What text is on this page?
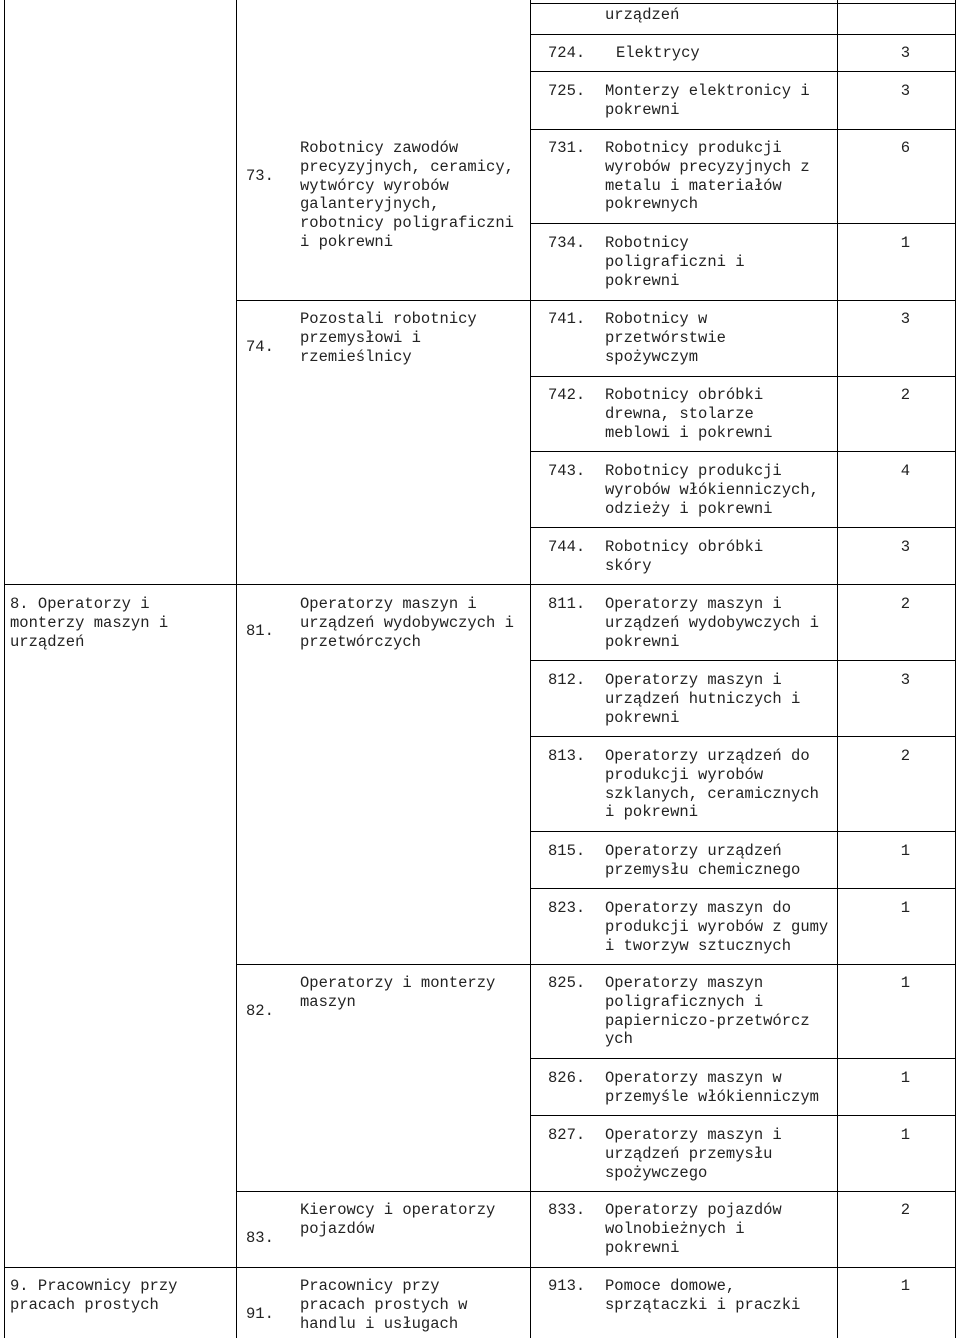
8. Operatorzy i
monterzy maszyn i
urządzeń
9. Pracownicy przy
pracach prostych
73.
Robotnicy zawodów
precyzyjnych, ceramicy,
wytwórcy wyrobów
galanteryjnych,
robotnicy poligraficzni
i pokrewni
74.
Pozostali robotnicy
przemysłowi i
rzemieślnicy
81.
Operatorzy maszyn i
urządzeń wydobywczych i
przetwórczych
82.
Operatorzy i monterzy
maszyn
83.
Kierowcy i operatorzy
pojazdów
91.
Pracownicy przy
pracach prostych w
handlu i usługach
urządzeń
724. Elektrycy	3
725. Monterzy elektronicy i
pokrewni
3
731. Robotnicy produkcji
wyrobów precyzyjnych z
metalu i materiałów
pokrewnych
6
734. Robotnicy
poligraficzni i
pokrewni
1
741. Robotnicy w
przetwórstwie
spożywczym
3
742. Robotnicy obróbki
drewna, stolarze
meblowi i pokrewni
2
743. Robotnicy produkcji
wyrobów włókienniczych,
odzieży i pokrewni
4
744. Robotnicy obróbki
skóry
3
811. Operatorzy maszyn i
urządzeń wydobywczych i
pokrewni
2
812. Operatorzy maszyn i
urządzeń hutniczych i
pokrewni
3
813. Operatorzy urządzeń do
produkcji wyrobów
szklanych, ceramicznych
i pokrewni
2
815. Operatorzy urządzeń
przemysłu chemicznego
1
823. Operatorzy maszyn do
produkcji wyrobów z gumy
i tworzyw sztucznych
1
825. Operatorzy maszyn
poligraficznych i
papierniczo-przetwórcz
ych
1
826. Operatorzy maszyn w
przemyśle włókienniczym
1
827. Operatorzy maszyn i
urządzeń przemysłu
spożywczego
1
833. Operatorzy pojazdów
wolnobieżnych i
pokrewni
2
913. Pomoce domowe,
sprzątaczki i praczki
1
